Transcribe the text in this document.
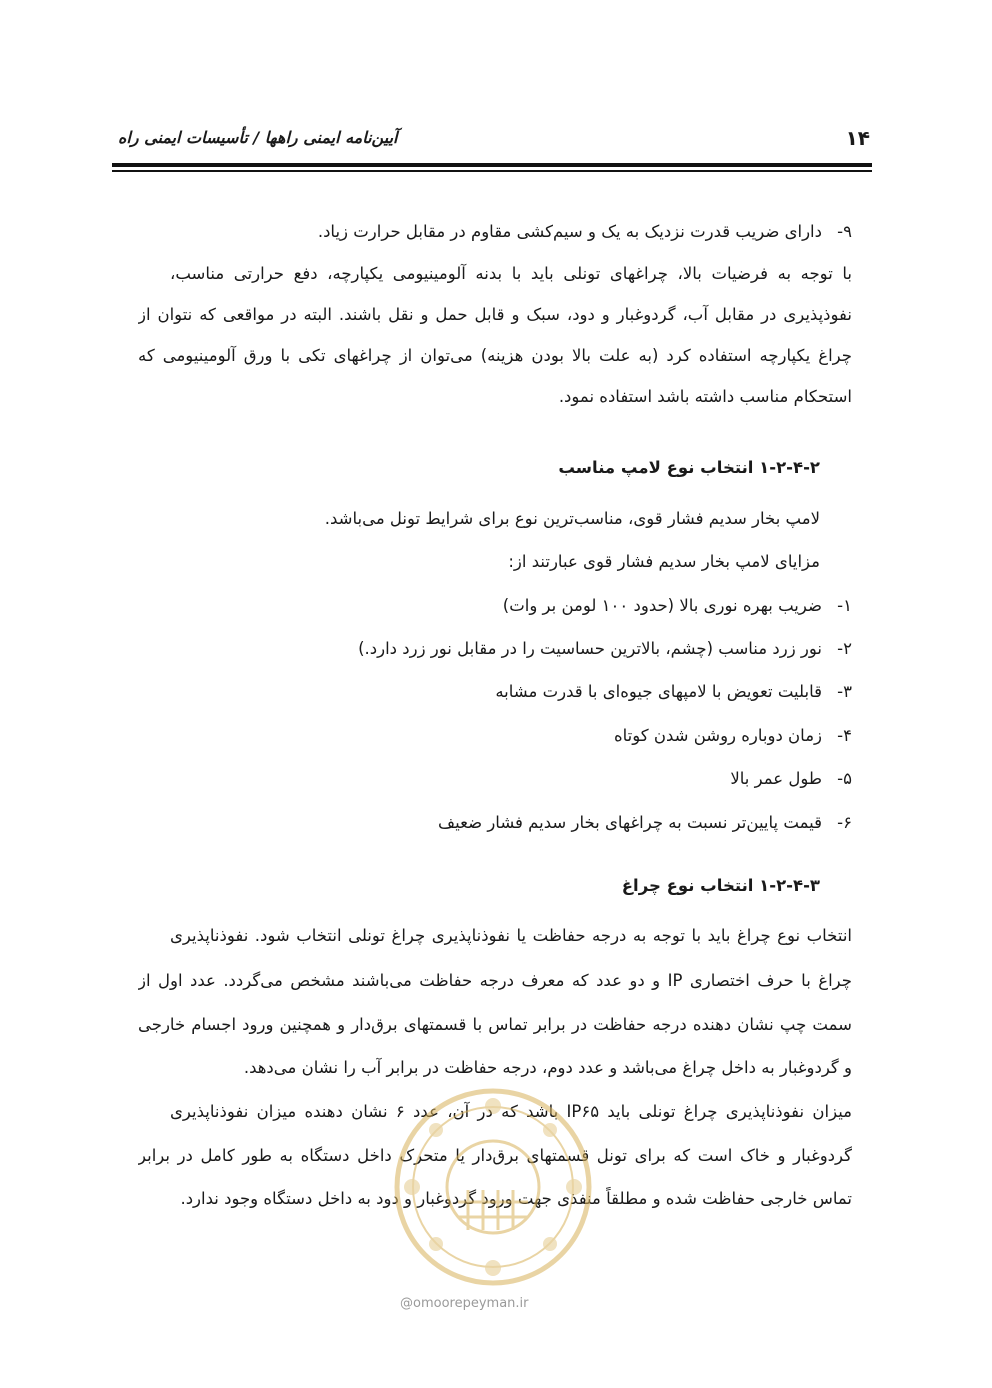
۱۴
آیین‌نامه ایمنی راهها / تأسیسات ایمنی راه
۹-دارای ضریب قدرت نزدیک به یک و سیم‌کشی مقاوم در مقابل حرارت زیاد.
با توجه به فرضیات بالا، چراغهای تونلی باید با بدنه آلومینیومی یکپارچه، دفع حرارتی مناسب،
نفوذپذیری در مقابل آب، گردوغبار و دود، سبک و قابل حمل و نقل باشند. البته در مواقعی که نتوان از
چراغ یکپارچه استفاده کرد (به علت بالا بودن هزینه) می‌توان از چراغهای تکی با ورق آلومینیومی که
استحکام مناسب داشته باشد استفاده نمود.
۱-۲-۴-۲ انتخاب نوع لامپ مناسب
لامپ بخار سدیم فشار قوی، مناسب‌ترین نوع برای شرایط تونل می‌باشد.
مزایای لامپ بخار سدیم فشار قوی عبارتند از:
۱-ضریب بهره نوری بالا (حدود ۱۰۰ لومن بر وات)
۲-نور زرد مناسب (چشم، بالاترین حساسیت را در مقابل نور زرد دارد.)
۳-قابلیت تعویض با لامپهای جیوه‌ای با قدرت مشابه
۴-زمان دوباره روشن شدن کوتاه
۵-طول عمر بالا
۶-قیمت پایین‌تر نسبت به چراغهای بخار سدیم فشار ضعیف
۱-۲-۴-۳ انتخاب نوع چراغ
انتخاب نوع چراغ باید با توجه به درجه حفاظت یا نفوذناپذیری چراغ تونلی انتخاب شود. نفوذناپذیری
چراغ با حرف اختصاری IP و دو عدد که معرف درجه حفاظت می‌باشند مشخص می‌گردد. عدد اول از
سمت چپ نشان دهنده درجه حفاظت در برابر تماس با قسمتهای برق‌دار و همچنین ورود اجسام خارجی
و گردوغبار به داخل چراغ می‌باشد و عدد دوم، درجه حفاظت در برابر آب را نشان می‌دهد.
میزان نفوذناپذیری چراغ تونلی باید IP۶۵ باشد که در آن، عدد ۶ نشان دهنده میزان نفوذناپذیری
گردوغبار و خاک است که برای تونل قسمتهای برق‌دار یا متحرک داخل دستگاه به طور کامل در برابر
تماس خارجی حفاظت شده و مطلقاً منفذی جهت ورود گردوغبار و دود به داخل دستگاه وجود ندارد.
@omoorepeyman.ir
